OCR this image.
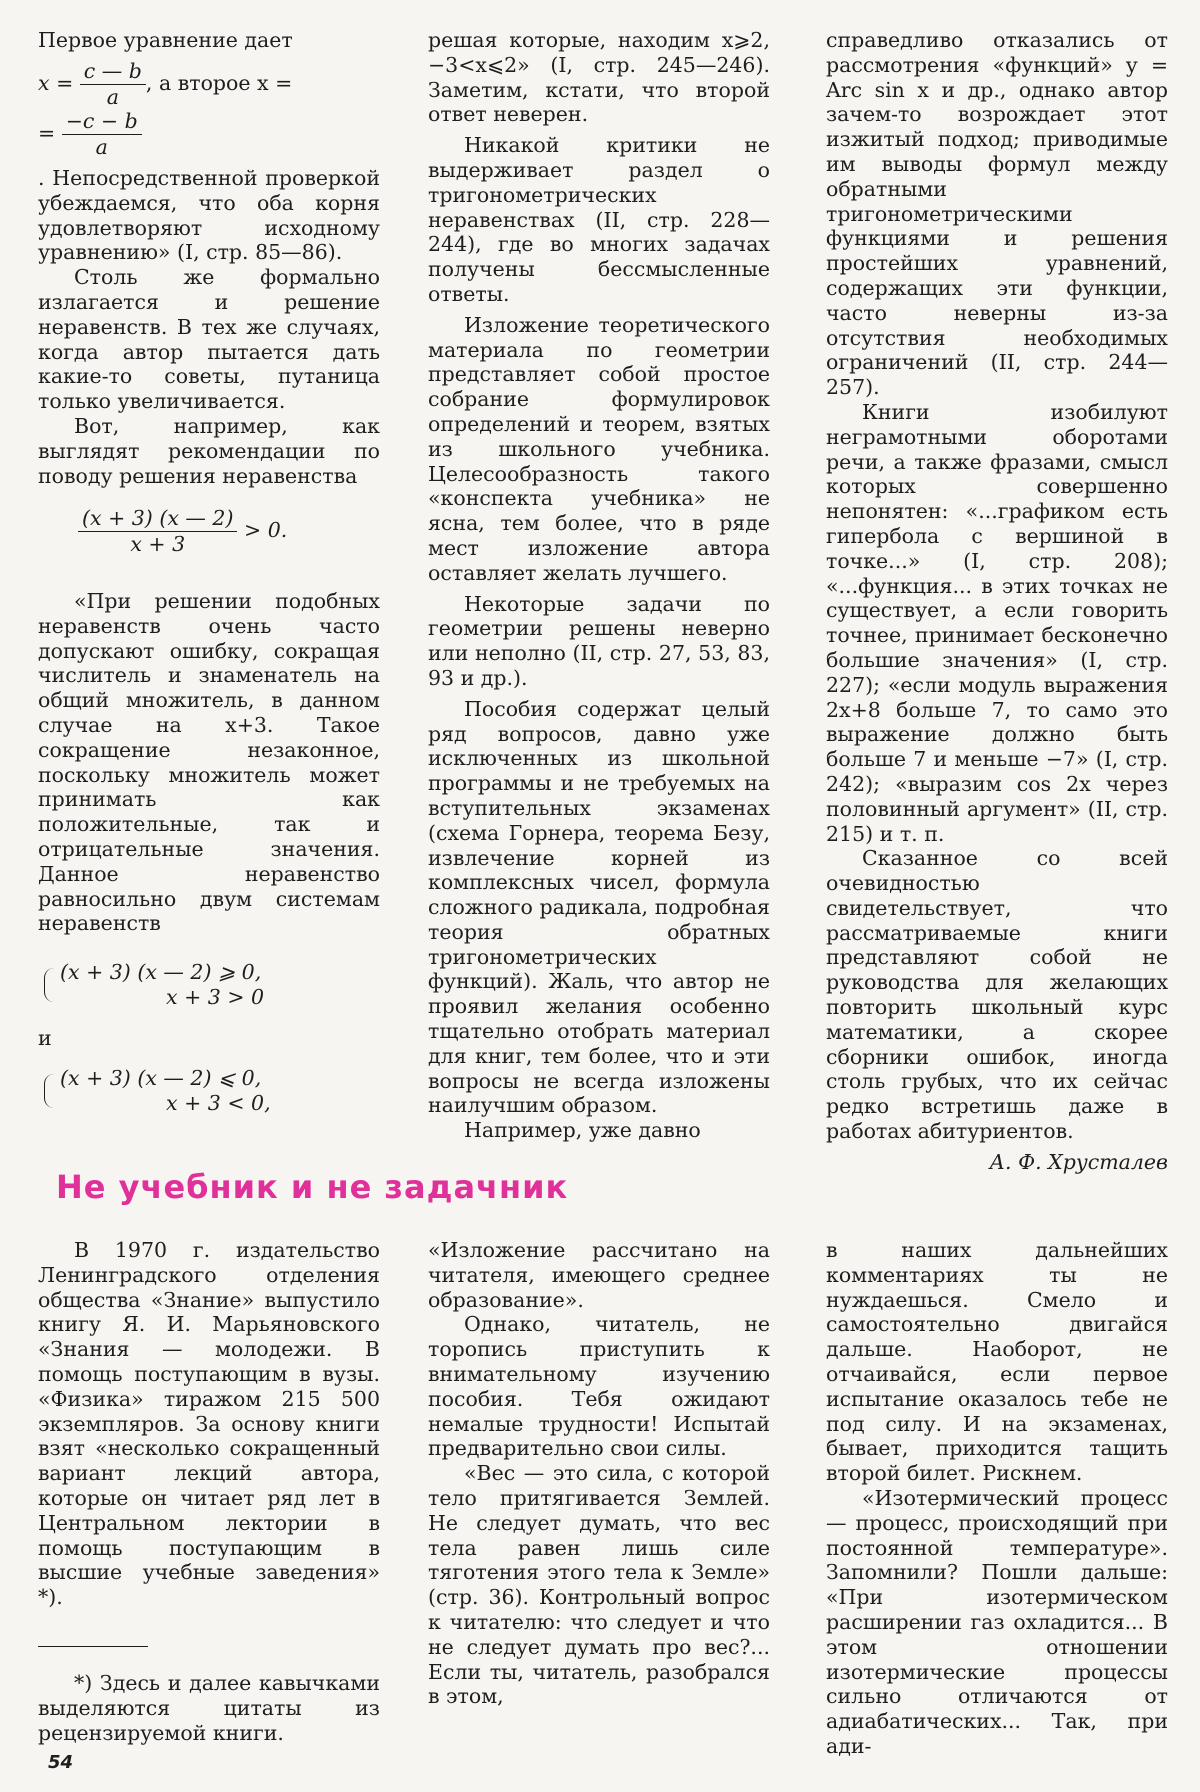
Первое уравнение дает

$x = \frac{c — b}{a}$ , а второе x =
= $\frac{-c - b}{a}$

. Непосредственной проверкой убеждаемся, что оба корня удовлетворяют исходному уравнению» (I, стр. 85—86).

Столь же формально излагается и решение неравенств. В тех же случаях, когда автор пытается дать какие-то советы, путаница только увеличивается.

Вот, например, как выглядят рекомендации по поводу решения неравенства

$\frac{(x + 3) (x — 2)}{x + 3} > 0$.

«При решении подобных неравенств очень часто допускают ошибку, сокращая числитель и знаменатель на общий множитель, в данном случае на x+3. Такое сокращение незаконное, поскольку множитель может принимать как положительные, так и отрицательные значения. Данное неравенство равносильно двум системам неравенств

(x + 3) (x — 2) ⩾ 0,
x + 3 > 0

и

(x + 3) (x — 2) ⩽ 0,
x + 3 < 0,

решая которые, находим x⩾2, −3<x⩽2» (I, стр. 245—246). Заметим, кстати, что второй ответ неверен.

Никакой критики не выдерживает раздел о тригонометрических неравенствах (II, стр. 228—244), где во многих задачах получены бессмысленные ответы.

Изложение теоретического материала по геометрии представляет собой простое собрание формулировок определений и теорем, взятых из школьного учебника. Целесообразность такого «конспекта учебника» не ясна, тем более, что в ряде мест изложение автора оставляет желать лучшего.

Некоторые задачи по геометрии решены неверно или неполно (II, стр. 27, 53, 83, 93 и др.).

Пособия содержат целый ряд вопросов, давно уже исключенных из школьной программы и не требуемых на вступительных экзаменах (схема Горнера, теорема Безу, извлечение корней из комплексных чисел, формула сложного радикала, подробная теория обратных тригонометрических функций). Жаль, что автор не проявил желания особенно тщательно отобрать материал для книг, тем более, что и эти вопросы не всегда изложены наилучшим образом.

Например, уже давно

справедливо отказались от рассмотрения «функций» y = Arc sin x и др., однако автор зачем-то возрождает этот изжитый подход; приводимые им выводы формул между обратными тригонометрическими функциями и решения простейших уравнений, содержащих эти функции, часто неверны из-за отсутствия необходимых ограничений (II, стр. 244—257).

Книги изобилуют неграмотными оборотами речи, а также фразами, смысл которых совершенно непонятен: «...графиком есть гипербола с вершиной в точке...» (I, стр. 208); «...функция... в этих точках не существует, а если говорить точнее, принимает бесконечно большие значения» (I, стр. 227); «если модуль выражения 2x+8 больше 7, то само это выражение должно быть больше 7 и меньше −7» (I, стр. 242); «выразим cos 2x через половинный аргумент» (II, стр. 215) и т. п.

Сказанное со всей очевидностью свидетельствует, что рассматриваемые книги представляют собой не руководства для желающих повторить школьный курс математики, а скорее сборники ошибок, иногда столь грубых, что их сейчас редко встретишь даже в работах абитуриентов.

А. Ф. Хрусталев
Не учебник и не задачник

В 1970 г. издательство Ленинградского отделения общества «Знание» выпустило книгу Я. И. Марьяновского «Знания — молодежи. В помощь поступающим в вузы. «Физика» тиражом 215 500 экземпляров. За основу книги взят «несколько сокращенный вариант лекций автора, которые он читает ряд лет в Центральном лектории в помощь поступающим в высшие учебные заведения» *).

*) Здесь и далее кавычками выделяются цитаты из рецензируемой книги.

«Изложение рассчитано на читателя, имеющего среднее образование».

Однако, читатель, не торопись приступить к внимательному изучению пособия. Тебя ожидают немалые трудности! Испытай предварительно свои силы.

«Вес — это сила, с которой тело притягивается Землей. Не следует думать, что вес тела равен лишь силе тяготения этого тела к Земле» (стр. 36). Контрольный вопрос к читателю: что следует и что не следует думать про вес?... Если ты, читатель, разобрался в этом,

в наших дальнейших комментариях ты не нуждаешься. Смело и самостоятельно двигайся дальше. Наоборот, не отчаивайся, если первое испытание оказалось тебе не под силу. И на экзаменах, бывает, приходится тащить второй билет. Рискнем.

«Изотермический процесс — процесс, происходящий при постоянной температуре». Запомнили? Пошли дальше: «При изотермическом расширении газ охладится... В этом отношении изотермические процессы сильно отличаются от адиабатических... Так, при ади-

54
